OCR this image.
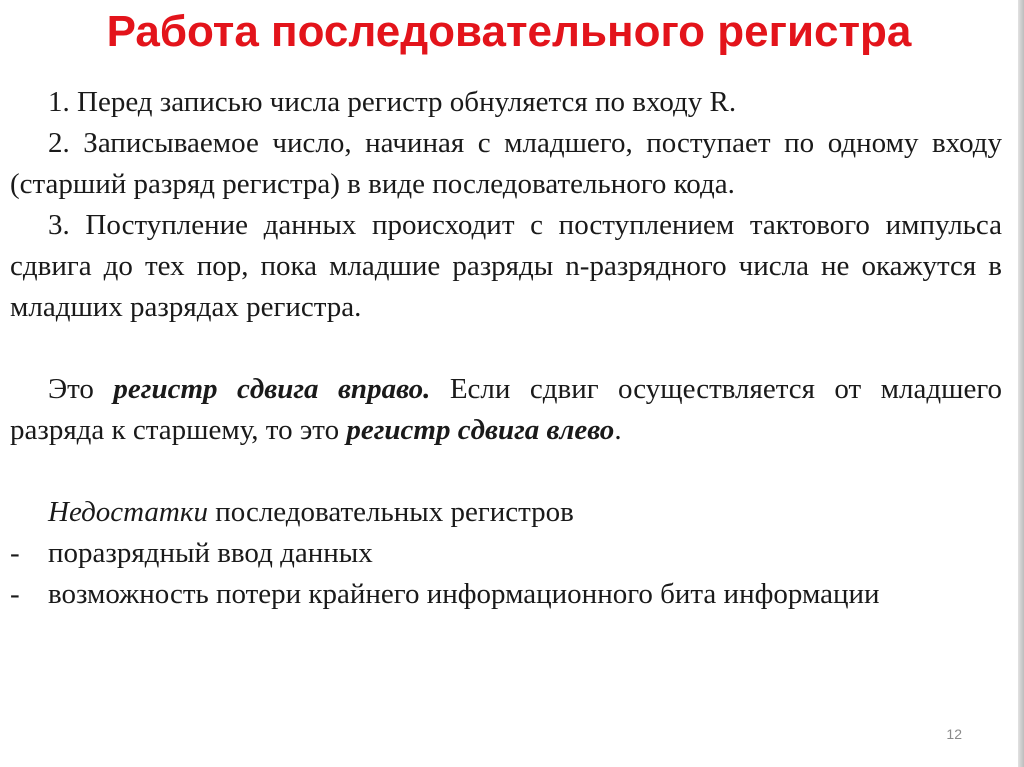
Работа последовательного регистра

1. Перед записью числа регистр обнуляется по входу R.

2. Записываемое число, начиная с младшего, поступает по одному входу (старший разряд регистра) в виде последовательного кода.

3. Поступление данных происходит с поступлением тактового импульса сдвига до тех пор, пока младшие разряды n-разрядного числа не окажутся в младших разрядах регистра.

Это регистр сдвига вправо. Если сдвиг осуществляется от младшего разряда к старшему, то это регистр сдвига влево.

Недостатки последовательных регистров

- поразрядный ввод данных
- возможность потери крайнего информационного бита информации
12
